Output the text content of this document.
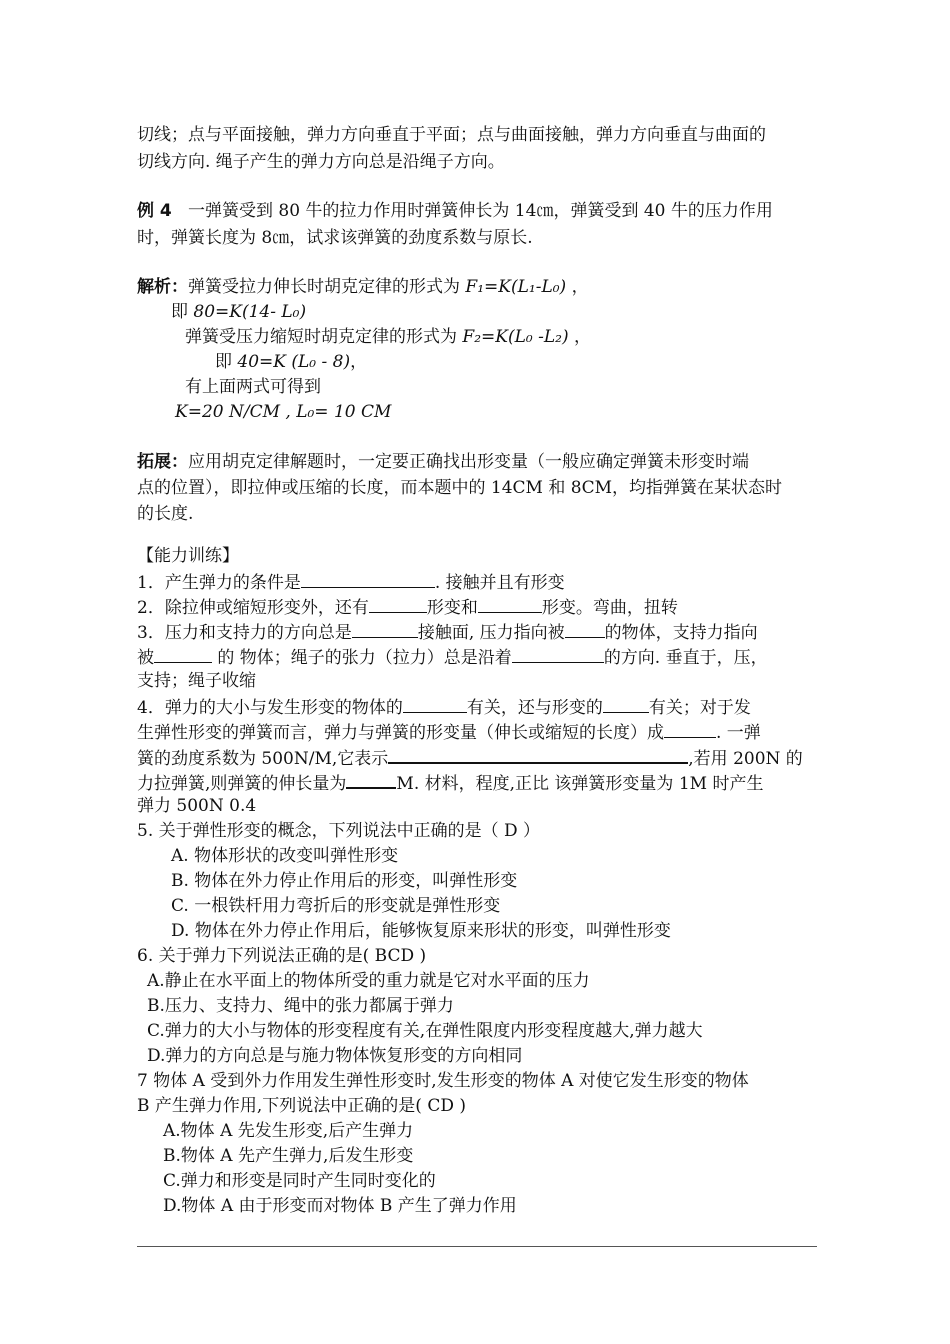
切线；点与平面接触，弹力方向垂直于平面；点与曲面接触，弹力方向垂直与曲面的
切线方向. 绳子产生的弹力方向总是沿绳子方向。
例 4 一弹簧受到 80 牛的拉力作用时弹簧伸长为 14㎝，弹簧受到 40 牛的压力作用
时，弹簧长度为 8㎝，试求该弹簧的劲度系数与原长.
解析：弹簧受拉力伸长时胡克定律的形式为 F₁=K(L₁-L₀) ，
即 80=K(14- L₀)
弹簧受压力缩短时胡克定律的形式为 F₂=K(L₀ -L₂) ，
即 40=K (L₀ - 8)，
有上面两式可得到
K=20 N/CM , L₀= 10 CM
拓展：应用胡克定律解题时，一定要正确找出形变量（一般应确定弹簧未形变时端
点的位置），即拉伸或压缩的长度，而本题中的 14CM 和 8CM，均指弹簧在某状态时
的长度.
【能力训练】
1．产生弹力的条件是	. 接触并且有形变
2．除拉伸或缩短形变外，还有	形变和	形变。弯曲，扭转
3．压力和支持力的方向总是	接触面, 压力指向被 的物体，支持力指向
被	的 物体；绳子的张力（拉力）总是沿着	的方向. 垂直于，压，
支持；绳子收缩
4．弹力的大小与发生形变的物体的	有关，还与形变的	有关；对于发
生弹性形变的弹簧而言，弹力与弹簧的形变量（伸长或缩短的长度）成	. 一弹
簧的劲度系数为 500N/M,它表示	,若用 200N 的
力拉弹簧,则弹簧的伸长量为	M. 材料，程度,正比 该弹簧形变量为 1M 时产生
弹力 500N 0.4
5. 关于弹性形变的概念，下列说法中正确的是（ D ）
A. 物体形状的改变叫弹性形变
B. 物体在外力停止作用后的形变，叫弹性形变
C. 一根铁杆用力弯折后的形变就是弹性形变
D. 物体在外力停止作用后，能够恢复原来形状的形变，叫弹性形变
6. 关于弹力下列说法正确的是( BCD )
A.静止在水平面上的物体所受的重力就是它对水平面的压力
B.压力、支持力、绳中的张力都属于弹力
C.弹力的大小与物体的形变程度有关,在弹性限度内形变程度越大,弹力越大
D.弹力的方向总是与施力物体恢复形变的方向相同
7 物体 A 受到外力作用发生弹性形变时,发生形变的物体 A 对使它发生形变的物体
B 产生弹力作用,下列说法中正确的是( CD )
A.物体 A 先发生形变,后产生弹力
B.物体 A 先产生弹力,后发生形变
C.弹力和形变是同时产生同时变化的
D.物体 A 由于形变而对物体 B 产生了弹力作用
